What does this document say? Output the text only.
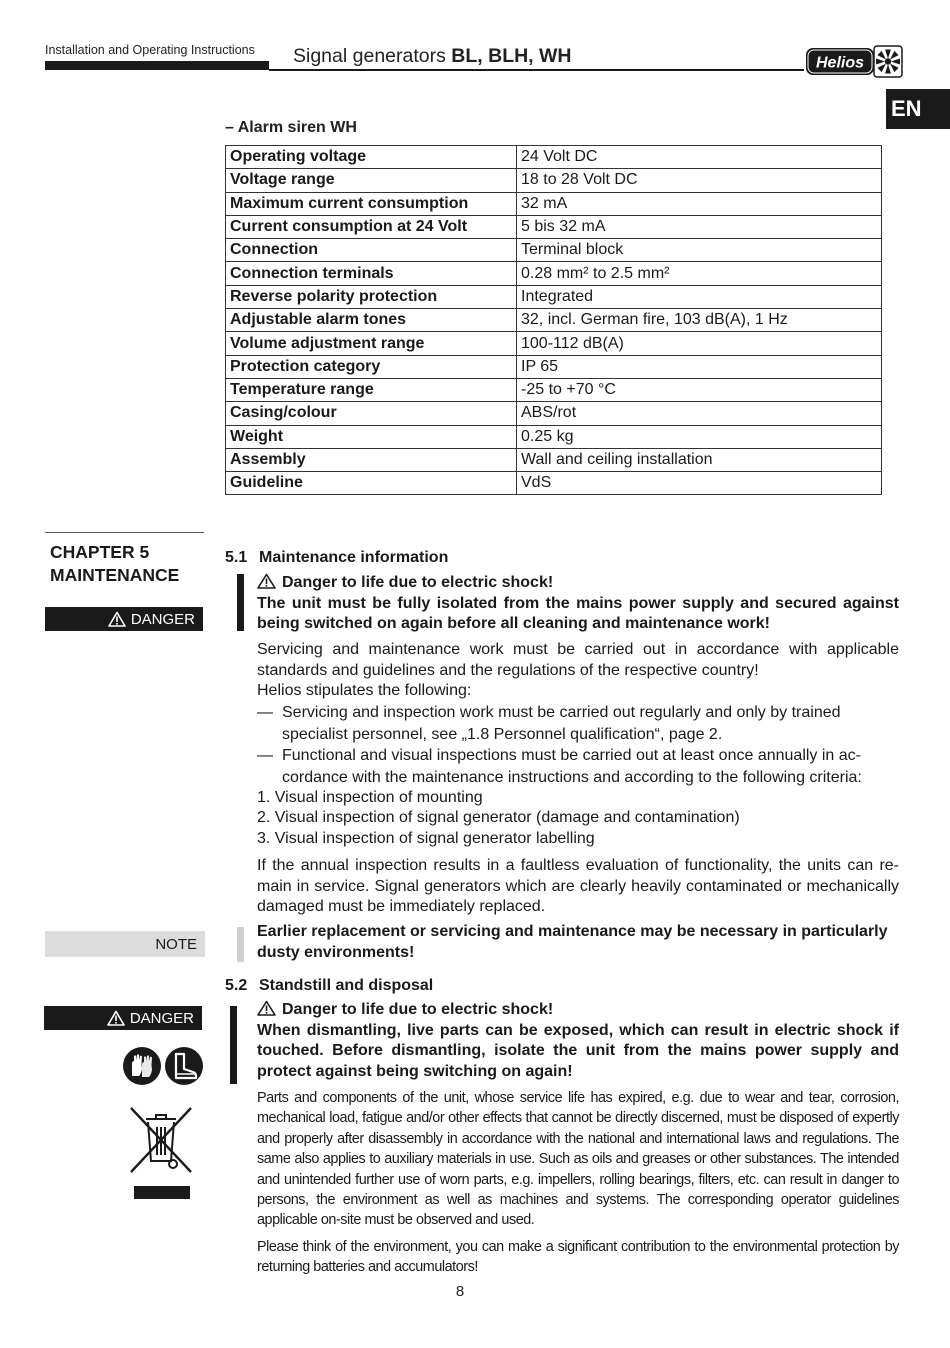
Installation and Operating Instructions Signal generators BL, BLH, WH	Helios
EN
– Alarm siren WH
Operating voltage	24 Volt DC
Voltage range	18 to 28 Volt DC
Maximum current consumption	32 mA
Current consumption at 24 Volt	5 bis 32 mA
Connection	Terminal block
Connection terminals	0.28 mm² to 2.5 mm²
Reverse polarity protection	Integrated
Adjustable alarm tones	32, incl. German fire, 103 dB(A), 1 Hz
Volume adjustment range	100-112 dB(A)
Protection category	IP 65
Temperature range	-25 to +70 °C
Casing/colour	ABS/rot
Weight	0.25 kg
Assembly	Wall and ceiling installation
Guideline	VdS
CHAPTER 5
MAINTENANCE
DANGER
NOTE
DANGER
5.1 Maintenance information
Danger to life due to electric shock!
The unit must be fully isolated from the mains power supply and secured against being switched on again before all cleaning and maintenance work!
Servicing and maintenance work must be carried out in accordance with applicable standards and guidelines and the regulations of the respective country!
Helios stipulates the following:
— Servicing and inspection work must be carried out regularly and only by trained specialist personnel, see „1.8 Personnel qualification“, page 2.
— Functional and visual inspections must be carried out at least once annually in ac-cordance with the maintenance instructions and according to the following criteria:
1. Visual inspection of mounting
2. Visual inspection of signal generator (damage and contamination)
3. Visual inspection of signal generator labelling
If the annual inspection results in a faultless evaluation of functionality, the units can re-main in service. Signal generators which are clearly heavily contaminated or mechanically damaged must be immediately replaced.
Earlier replacement or servicing and maintenance may be necessary in particularly dusty environments!
5.2 Standstill and disposal
Danger to life due to electric shock!
When dismantling, live parts can be exposed, which can result in electric shock if touched. Before dismantling, isolate the unit from the mains power supply and protect against being switching on again!
Parts and components of the unit, whose service life has expired, e.g. due to wear and tear, corrosion, mechanical load, fatigue and/or other effects that cannot be directly discerned, must be disposed of expertly and properly after disassembly in accordance with the national and international laws and regulations. The same also applies to auxiliary materials in use. Such as oils and greases or other substances. The intended and unintended further use of worn parts, e.g. impellers, rolling bearings, filters, etc. can result in danger to persons, the environment as well as machines and systems. The corresponding operator guidelines applicable on-site must be observed and used.
Please think of the environment, you can make a significant contribution to the environmental protection by returning batteries and accumulators!
8
